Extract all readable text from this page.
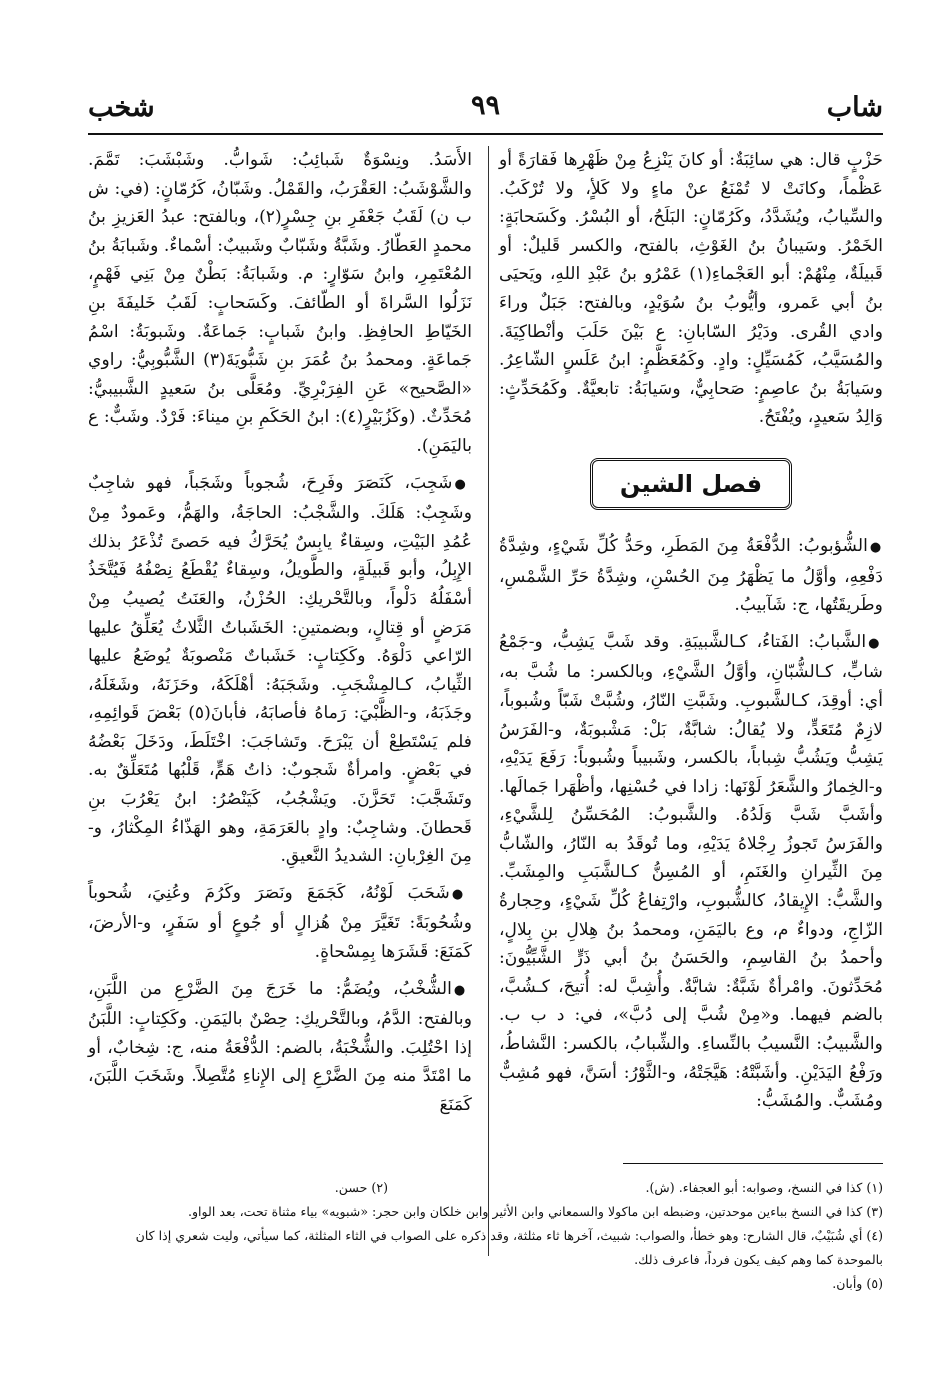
شاب
٩٩
شخب

حَزْبٍ قال: هي سائِبَةٌ: أو كانَ يَنْزِعُ مِنْ ظَهْرِها فَقارَةً أو عَظْماً، وكانَتْ لا تُمْنَعُ عنْ ماءٍ ولا كَلأٍ، ولا تُرْكَبُ. والسِّيابُ، ويُشَدَّدُ، وكَرُمّانٍ: البَلَحُ، أو البُسْرُ. وكَسَحابَةٍ: الخَمْرُ. وسَيبانُ بنُ الغَوْثِ، بالفتح، والكسر قَليلٌ: أو قَبيلَةٌ، مِنْهُمْ: أبو العَجْماءِ(١) عَمْرُو بنُ عَبْدِ اللهِ، ويَحيَى بنُ أبي عَمرو، وأيُّوبُ بنُ سُوَيْدٍ، وبالفتح: جَبَلٌ وراءَ وادي القُرى. ودَيْرُ السّابانِ: ع بَيْنَ حَلَبَ وأنْطاكِيَةَ. والمُسَيَّبُ، كَمُسَيِّلٍ: وادٍ. وكَمُعَظَّمٍ: ابنُ عَلَسٍ الشّاعِرُ. وسَيابَةُ بنُ عاصِمٍ: صَحابِيٌّ، وسَيابَةُ: تابعيَّةٌ. وكَمُحَدِّثٍ: وَالِدُ سَعيدٍ، ويُفْتَحُ.

فصل الشين

● الشُّؤبوبُ: الدُّفْعَةُ مِنَ المَطَرِ، وحَدُّ كُلِّ شَيْءٍ، وشِدَّةُ دَفْعِهِ، وأوَّلُ ما يَظْهَرُ مِنَ الحُسْنِ، وشِدَّةُ حَرِّ الشَّمْسِ، وطَريقَتُها، ج: شَآبيبُ.

● الشَّبابُ: الفَتاءُ، كـالشَّبيبَةِ. وقد شَبَّ يَشِبُّ، و-جَمْعُ شابٍّ، كـالشُّبّانِ، وأوَّلُ الشَّيْءِ، وبالكسر: ما شُبَّ به، أي: أوقِدَ، كـالشَّبوبِ. وشَبَّتِ النّارُ، وشُبَّتْ شَبّاً وشُبوباً، لازِمٌ مُتَعَدٍّ، ولا يُقالُ: شابَّةٌ، بَلْ: مَشْبوبَةٌ، و-الفَرَسُ يَشِبُّ ويَشُبُّ شِباباً، بالكسر، وشَبيباً وشُبوباً: رَفَعَ يَدَيْهِ، و-الخِمارُ والشَّعَرُ لَوْنَها: زادا في حُسْنِها، وأظْهَرا جَمالَها. وأشَبَّ شَبَّ وَلَدُهُ. والشَّبوبُ: المُحَسِّنُ لِلشَّيْءِ، والفَرَسُ تَجوزُ رِجْلاهُ يَدَيْهِ، وما تُوقَدُ به النّارُ، والشّابُّ مِنَ الثِّيرانِ والغَنَمِ، أو المُسِنُّ كـالشَّبَبِ والمِشَبِّ. والشَّبُّ: الإِيقادُ، كالشُّبوبِ، وارْتِفاعُ كُلِّ شَيْءٍ، وحِجارةُ الزّاجِ، ودواءٌ م، وع باليَمَنِ، ومحمدُ بنُ هِلالِ بنِ بِلالٍ، وأحمدُ بنُ القاسِمِ، والحَسَنُ بنُ أبي ذَرٍّ الشَّبِّيُّونَ: مُحَدِّثونَ. وامْرأةٌ شَبَّةٌ: شابَّةٌ. وأُشِبَّ له: أُتيحَ، كـشُبَّ، بالضم فيهما. و«مِنْ شُبَّ إلى دُبَّ»، في: د ب ب. والشَّبيبُ: النَّسيبُ بالنِّساءِ. والشِّبابُ، بالكسر: النَّشاطُ، ورَفْعُ اليَدَيْنِ. وأشَبَّتْهُ: هَيَّجَتْهُ، و-الثَّوْرُ: أسَنَّ، فهو مُشِبٌّ ومُشَبٌّ. والمُشَبُّ:

الأَسَدُ. ونِسْوَةٌ شَبائِبُ: شَوابُّ. وشَبْشَبَ: تَمَّمَ. والشَّوْشَبُ: العَقْرَبُ، والقَمْلُ. وشَبّانُ، كَرُمّانٍ: (في: ش ب ن) لَقَبُ جَعْفَرِ بنِ جِسْرٍ(٢)، وبالفتح: عبدُ العَزيزِ بنُ محمدٍ العَطّارُ. وشَبَّةُ وشَبّابٌ وشَبيبٌ: أسْماءٌ. وشَبابَةُ بنُ المُعْتَمِرِ، وابنُ سَوّارٍ: م. وشَبابَةُ: بَطْنٌ مِنْ بَنِي فَهْمٍ، نَزَلُوا السَّراةَ أو الطّائفَ. وكَسَحابٍ: لَقَبُ خَليفَةَ بنِ الخَيّاطِ الحافِظِ. وابنُ شَبابٍ: جَماعَةٌ. وشَبوبَةُ: اسْمُ جَماعَةٍ. ومحمدُ بنُ عُمَرَ بنِ شَبُّويَةَ(٣) الشَّبُّوبِيُّ: راوي «الصَّحيح» عَنِ الفِرَبْرِيِّ. ومُعَلَّى بنُ سَعيدٍ الشَّبيبيُّ: مُحَدِّثٌ. (وكَزُبَيْرٍ(٤): ابنُ الحَكَمِ بنِ ميناءَ: فَرْدٌ. وشَبٌّ: ع باليَمَنِ).

● شَجِبَ، كَنَصَرَ وفَرِحَ، شُجوباً وشَجَباً، فهو شاجِبٌ وشَجِبٌ: هَلَكَ. والشَّجْبُ: الحاجَةُ، والهَمُّ، وعَمودٌ مِنْ عُمُدِ البَيْتِ، وسِقاءٌ يابِسٌ يُحَرَّكُ فيه حَصىً تُذْعَرُ بذلك الإِبِلُ، وأبو قَبيلَةٍ، والطَّويلُ، وسِقاءٌ يُقْطَعُ نِصْفُهُ فَيُتَّخَذُ أسْفَلُهُ دَلْواً، وبالتَّحْريكِ: الحُزْنُ، والعَنَتُ يُصيبُ مِنْ مَرَضٍ أو قِتالٍ، وبضمتينِ: الخَشَباتُ الثَّلاثُ يُعَلِّقُ عليها الرّاعي دَلْوَهُ. وكَكِتابٍ: خَشَباتٌ مَنْصوبَةٌ يُوضَعُ عليها الثِّيابُ، كـالمِشْجَبِ. وشَجَبَهُ: أهْلَكَهُ، وحَزَنَهُ، وشَغَلَهُ، وجَذَبَهُ، و-الظَّبْيَ: رَماهُ فأصابَهُ، فأبانَ(٥) بَعْضَ قَوائِمِهِ، فلم يَسْتَطِعْ أن يَبْرَحَ. وتَشاجَبَ: اخْتَلَطَ، ودَخَلَ بَعْضُهُ في بَعْضٍ. وامرأةٌ شَجوبٌ: ذاتُ هَمٍّ، قَلْبُها مُتَعَلِّقٌ به. وتَشَجَّبَ: تَحَزَّنَ. ويَشْجُبُ، كَيَنْصُرُ: ابنُ يَعْرُبَ بنِ قَحطانَ. وشاجِبٌ: وادٍ بالعَرَمَةِ، وهو الهَذّاءُ المِكْثارُ، و-مِنَ الغِرْبانِ: الشديدُ النَّعيقِ.

● شَحَبَ لَوْنُهُ، كَجَمَعَ ونَصَرَ وكَرُمَ وعُنِيَ، شُحوباً وشُحُوبَةً: تَغَيَّرَ مِنْ هُزالٍ أو جُوعٍ أو سَفَرٍ، و-الأرضَ، كَمَنَعَ: قَشَرَها بِمِسْحاةٍ.

● الشُّخْبُ، ويُضَمُّ: ما خَرَجَ مِنَ الضَّرْعِ من اللَّبَنِ، وبالفتح: الدَّمُ، وبالتَّحْريكِ: حِصْنٌ باليَمَنِ. وكَكِتابٍ: اللَّبَنُ إذا احْتُلِبَ. والشُّخْبَةُ، بالضم: الدُّفْعَةُ منه، ج: شِخابٌ، أو ما امْتَدَّ منه مِنَ الضَّرْعِ إلى الإِناءِ مُتَّصِلاً. وشَخَبَ اللَّبَنَ، كَمَنَعَ

(١) كذا في النسخ، وصوابه: أبو العجفاء. (ش).
(٢) حسن.
(٣) كذا في النسخ بباءين موحدتين، وضبطه ابن ماكولا والسمعاني وابن الأثير وابن خلكان وابن حجر: «شبويه» بياء مثناة تحت، بعد الواو.
(٤) أي شُبَيْبٌ، قال الشارح: وهو خطأ، والصواب: شبيث، آخرها ثاء مثلثة، وقد ذكره على الصواب في الثاء المثلثة، كما سيأتي، وليت شعري إذا كان
بالموحدة كما وهم كيف يكون فرداً، فاعرف ذلك.
(٥) وأبان.
